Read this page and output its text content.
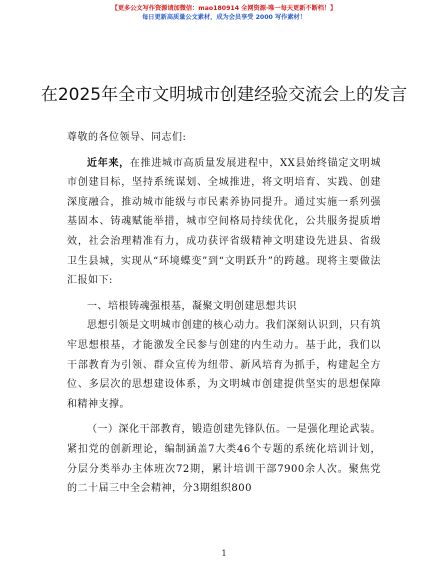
【更多公文写作资源请加微信：mao180914 全网资源·唯一每天更新不断档！】
每日更新高质量公文素材，成为会员享受 2000 写作素材！
在2025年全市文明城市创建经验交流会上的发言

尊敬的各位领导、同志们:

近年来，在推进城市高质量发展进程中，XX县始终锚定文明城市创建目标，坚持系统谋划、全城推进，将文明培育、实践、创建深度融合，推动城市能级与市民素养协同提升。通过实施一系列强基固本、铸魂赋能举措，城市空间格局持续优化，公共服务提质增效，社会治理精准有力，成功获评省级精神文明建设先进县、省级卫生县城，实现从“环境蝶变”到“文明跃升”的跨越。现将主要做法汇报如下:

一、培根铸魂强根基，凝聚文明创建思想共识

思想引领是文明城市创建的核心动力。我们深刻认识到，只有筑牢思想根基，才能激发全民参与创建的内生动力。基于此，我们以干部教育为引领、群众宣传为纽带、新风培育为抓手，构建起全方位、多层次的思想建设体系，为文明城市创建提供坚实的思想保障和精神支撑。

（一）深化干部教育，锻造创建先锋队伍。一是强化理论武装。紧扣党的创新理论，编制涵盖7大类46个专题的系统化培训计划，分层分类举办主体班次72期，累计培训干部7900余人次。聚焦党的二十届三中全会精神，分3期组织800

1
